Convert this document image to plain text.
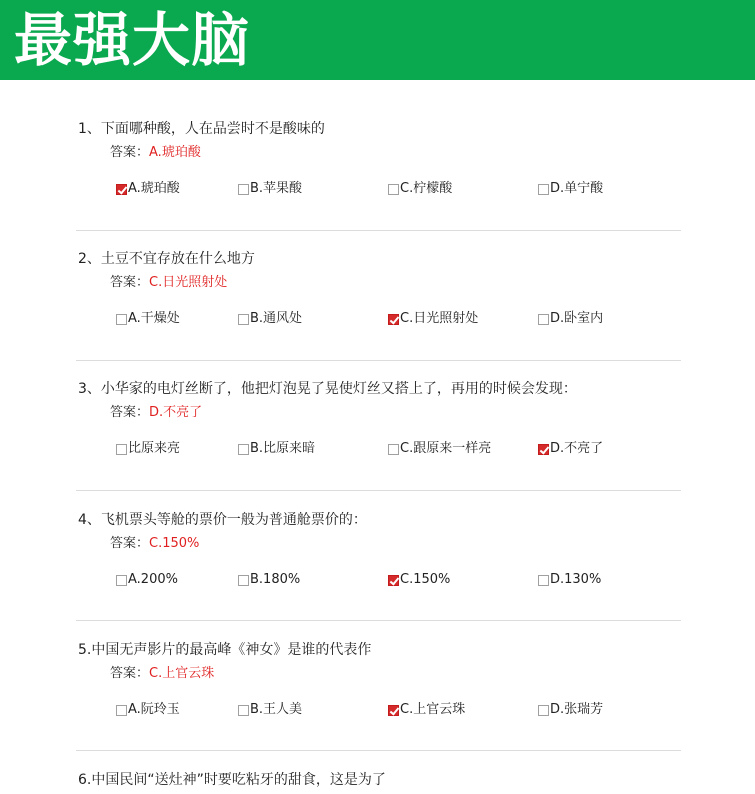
最强大脑
1、下面哪种酸，人在品尝时不是酸味的
答案：A.琥珀酸
A.琥珀酸	B.苹果酸	C.柠檬酸	D.单宁酸
2、土豆不宜存放在什么地方
答案：C.日光照射处
A.干燥处	B.通风处	C.日光照射处	D.卧室内
3、小华家的电灯丝断了，他把灯泡晃了晃使灯丝又搭上了，再用的时候会发现：
答案：D.不亮了
比原来亮	B.比原来暗	C.跟原来一样亮	D.不亮了
4、飞机票头等舱的票价一般为普通舱票价的：
答案：C.150%
A.200%	B.180%	C.150%	D.130%
5.中国无声影片的最高峰《神女》是谁的代表作
答案：C.上官云珠
A.阮玲玉	B.王人美	C.上官云珠	D.张瑞芳
6.中国民间“送灶神”时要吃粘牙的甜食，这是为了
